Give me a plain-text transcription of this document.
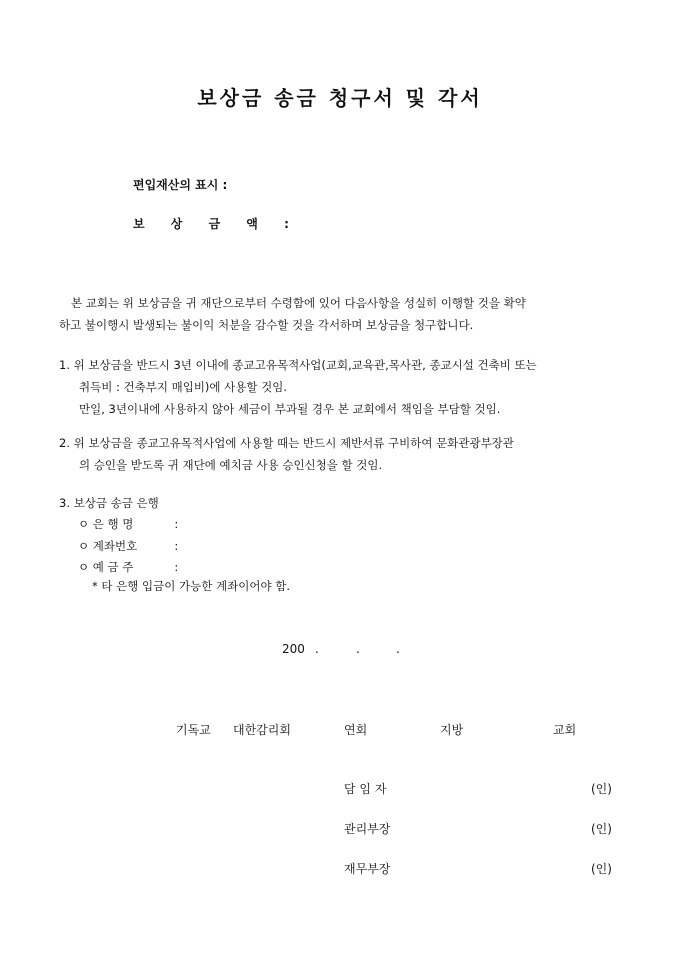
보상금 송금 청구서 및 각서
편입재산의 표시 :
보 상 금 액 :
본 교회는 위 보상금을 귀 재단으로부터 수령함에 있어 다음사항을 성실히 이행할 것을 확약
하고 불이행시 발생되는 불이익 처분을 감수할 것을 각서하며 보상금을 청구합니다.
1. 위 보상금을 반드시 3년 이내에 종교고유목적사업(교회,교육관,목사관, 종교시설 건축비 또는
취득비 : 건축부지 매입비)에 사용할 것임.
만일, 3년이내에 사용하지 않아 세금이 부과될 경우 본 교회에서 책임을 부담할 것임.
2. 위 보상금을 종교고유목적사업에 사용할 때는 반드시 제반서류 구비하여 문화관광부장관
의 승인을 받도록 귀 재단에 예치금 사용 승인신청을 할 것임.
3. 보상금 송금 은행
ㅇ 은 행 명	:
ㅇ 계좌번호	:
ㅇ 예 금 주	:
* 타 은행 입금이 가능한 계좌이어야 함.
200 .	.	.
기독교 대한감리회	연회	지방	교회
담 임 자	(인)
관리부장	(인)
재무부장	(인)
